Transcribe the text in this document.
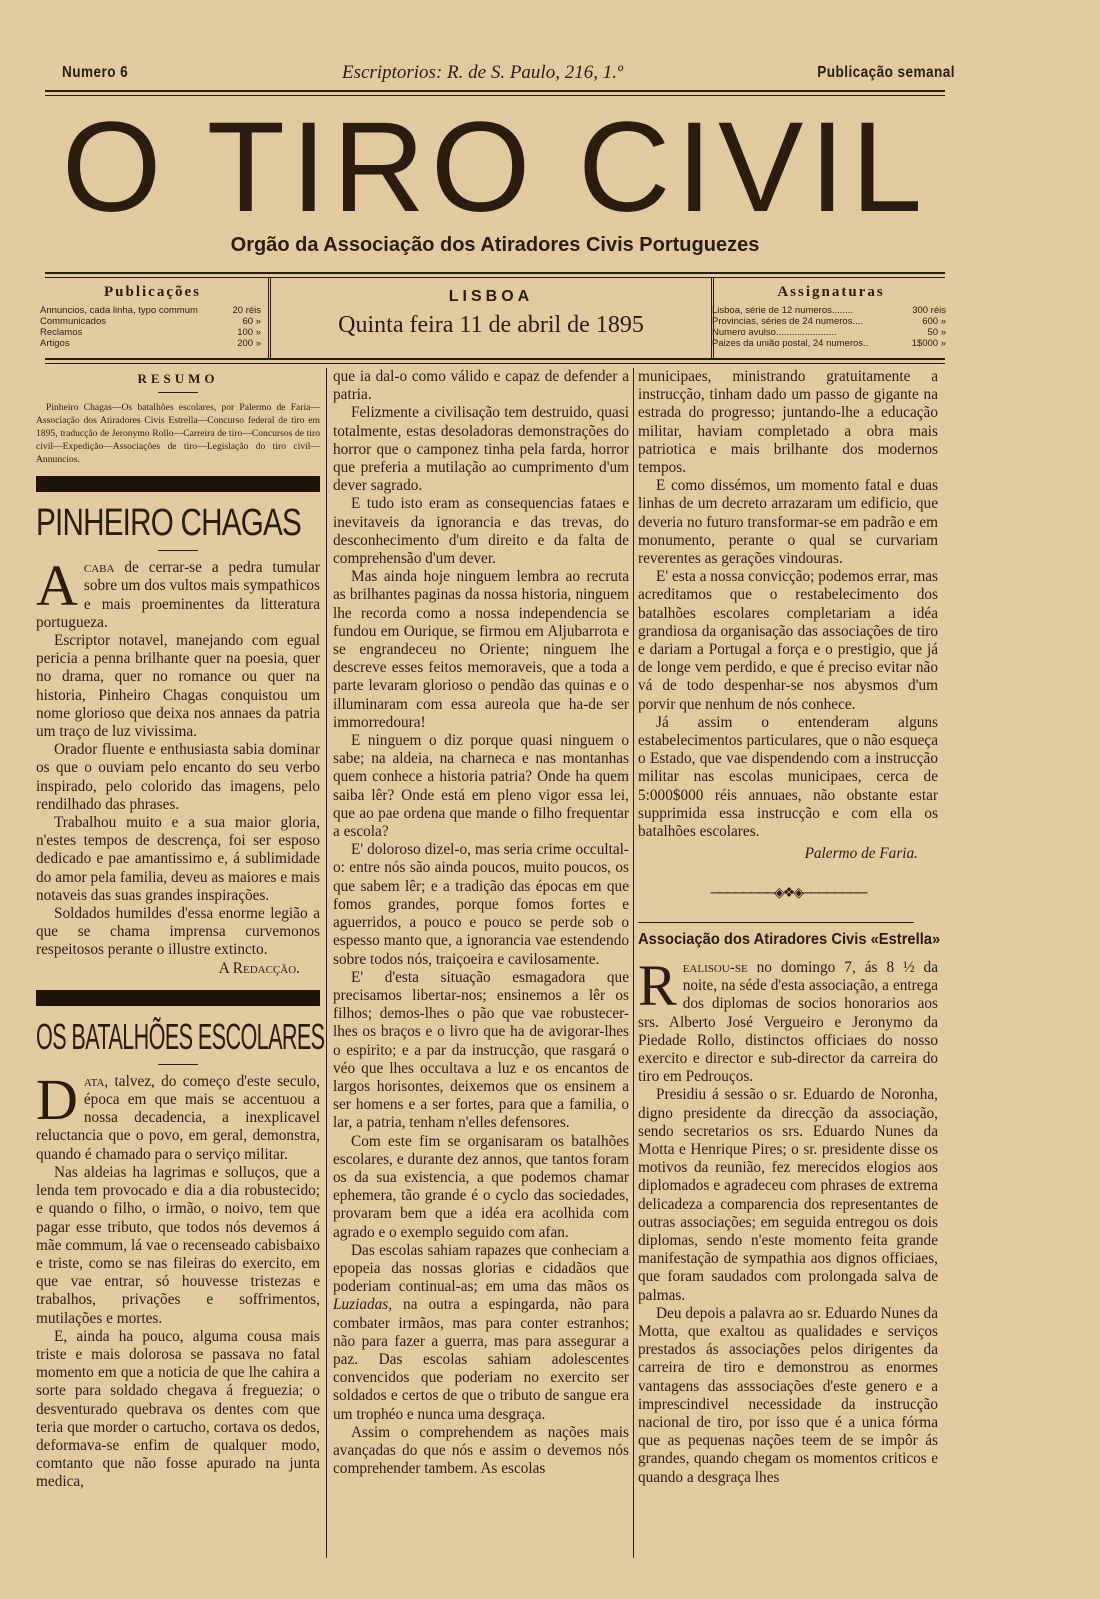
Numero 6	Escriptorios: R. de S. Paulo, 216, 1.º	Publicação semanal
O TIRO CIVIL
Orgão da Associação dos Atiradores Civis Portuguezes
Publicações
Annuncios, cada linha, typo commum	20 réis
Communicados	60 »
Reclamos	100 »
Artigos	200 »
LISBOA
Quinta feira 11 de abril de 1895
Assignaturas
Lisboa, série de 12 numeros........	300 réis
Provincias, séries de 24 numeros....	600 »
Numero avulso.......................	50 »
Paizes da união postal, 24 numeros..	1$000 »
RESUMO
Pinheiro Chagas—Os batalhões escolares, por Palermo de Faria—Associação dos Atiradores Civis Estrella—Concurso federal de tiro em 1895, traducção de Jeronymo Rollo—Carreira de tiro—Concursos de tiro civil—Expedição—Associações de tiro—Legislação do tiro civil—Annuncios.
PINHEIRO CHAGAS

Acaba de cerrar-se a pedra tumular sobre um dos vultos mais sympathicos e mais proeminentes da litteratura portugueza.

Escriptor notavel, manejando com egual pericia a penna brilhante quer na poesia, quer no drama, quer no romance ou quer na historia, Pinheiro Chagas conquistou um nome glorioso que deixa nos annaes da patria um traço de luz vivissima.

Orador fluente e enthusiasta sabia dominar os que o ouviam pelo encanto do seu verbo inspirado, pelo colorido das imagens, pelo rendilhado das phrases.

Trabalhou muito e a sua maior gloria, n'estes tempos de descrença, foi ser esposo dedicado e pae amantissimo e, á sublimidade do amor pela familia, deveu as maiores e mais notaveis das suas grandes inspirações.

Soldados humildes d'essa enorme legião a que se chama imprensa curvemonos respeitosos perante o illustre extincto.

A Redacção.
OS BATALHÕES ESCOLARES

Data, talvez, do começo d'este seculo, época em que mais se accentuou a nossa decadencia, a inexplicavel reluctancia que o povo, em geral, demonstra, quando é chamado para o serviço militar.

Nas aldeias ha lagrimas e solluços, que a lenda tem provocado e dia a dia robustecido; e quando o filho, o irmão, o noivo, tem que pagar esse tributo, que todos nós devemos á mãe commum, lá vae o recenseado cabisbaixo e triste, como se nas fileiras do exercito, em que vae entrar, só houvesse tristezas e trabalhos, privações e soffrimentos, mutilações e mortes.

E, ainda ha pouco, alguma cousa mais triste e mais dolorosa se passava no fatal momento em que a noticia de que lhe cahira a sorte para soldado chegava á freguezia; o desventurado quebrava os dentes com que teria que morder o cartucho, cortava os dedos, deformava-se enfim de qualquer modo, comtanto que não fosse apurado na junta medica,

que ia dal-o como válido e capaz de defender a patria.

Felizmente a civilisação tem destruido, quasi totalmente, estas desoladoras demonstrações do horror que o camponez tinha pela farda, horror que preferia a mutilação ao cumprimento d'um dever sagrado.

E tudo isto eram as consequencias fataes e inevitaveis da ignorancia e das trevas, do desconhecimento d'um direito e da falta de comprehensão d'um dever.

Mas ainda hoje ninguem lembra ao recruta as brilhantes paginas da nossa historia, ninguem lhe recorda como a nossa independencia se fundou em Ourique, se firmou em Aljubarrota e se engrandeceu no Oriente; ninguem lhe descreve esses feitos memoraveis, que a toda a parte levaram glorioso o pendão das quinas e o illuminaram com essa aureola que ha-de ser immorredoura!

E ninguem o diz porque quasi ninguem o sabe; na aldeia, na charneca e nas montanhas quem conhece a historia patria? Onde ha quem saiba lêr? Onde está em pleno vigor essa lei, que ao pae ordena que mande o filho frequentar a escola?

E' doloroso dizel-o, mas seria crime occultal-o: entre nós são ainda poucos, muito poucos, os que sabem lêr; e a tradição das épocas em que fomos grandes, porque fomos fortes e aguerridos, a pouco e pouco se perde sob o espesso manto que, a ignorancia vae estendendo sobre todos nós, traiçoeira e cavilosamente.

E' d'esta situação esmagadora que precisamos libertar-nos; ensinemos a lêr os filhos; demos-lhes o pão que vae robustecer-lhes os braços e o livro que ha de avigorar-lhes o espirito; e a par da instrucção, que rasgará o véo que lhes occultava a luz e os encantos de largos horisontes, deixemos que os ensinem a ser homens e a ser fortes, para que a familia, o lar, a patria, tenham n'elles defensores.

Com este fim se organisaram os batalhões escolares, e durante dez annos, que tantos foram os da sua existencia, a que podemos chamar ephemera, tão grande é o cyclo das sociedades, provaram bem que a idéa era acolhida com agrado e o exemplo seguido com afan.

Das escolas sahiam rapazes que conheciam a epopeia das nossas glorias e cidadãos que poderiam continual-as; em uma das mãos os Luziadas, na outra a espingarda, não para combater irmãos, mas para conter estranhos; não para fazer a guerra, mas para assegurar a paz. Das escolas sahiam adolescentes convencidos que poderiam no exercito ser soldados e certos de que o tributo de sangue era um trophéo e nunca uma desgraça.

Assim o comprehendem as nações mais avançadas do que nós e assim o devemos nós comprehender tambem. As escolas

municipaes, ministrando gratuitamente a instrucção, tinham dado um passo de gigante na estrada do progresso; juntando-lhe a educação militar, haviam completado a obra mais patriotica e mais brilhante dos modernos tempos.

E como dissémos, um momento fatal e duas linhas de um decreto arrazaram um edificio, que deveria no futuro transformar-se em padrão e em monumento, perante o qual se curvariam reverentes as gerações vindouras.

E' esta a nossa convicção; podemos errar, mas acreditamos que o restabelecimento dos batalhões escolares completariam a idéa grandiosa da organisação das associações de tiro e dariam a Portugal a força e o prestigio, que já de longe vem perdido, e que é preciso evitar não vá de todo despenhar-se nos abysmos d'um porvir que nenhum de nós conhece.

Já assim o entenderam alguns estabelecimentos particulares, que o não esqueça o Estado, que vae dispendendo com a instrucção militar nas escolas municipaes, cerca de 5:000$000 réis annuaes, não obstante estar supprimida essa instrucção e com ella os batalhões escolares.

Palermo de Faria.
────────◈❖◈────────
Associação dos Atiradores Civis «Estrella»

Realisou-se no domingo 7, ás 8 ½ da noite, na séde d'esta associação, a entrega dos diplomas de socios honorarios aos srs. Alberto José Vergueiro e Jeronymo da Piedade Rollo, distinctos officiaes do nosso exercito e director e sub-director da carreira do tiro em Pedrouços.

Presidiu á sessão o sr. Eduardo de Noronha, digno presidente da direcção da associação, sendo secretarios os srs. Eduardo Nunes da Motta e Henrique Pires; o sr. presidente disse os motivos da reunião, fez merecidos elogios aos diplomados e agradeceu com phrases de extrema delicadeza a comparencia dos representantes de outras associações; em seguida entregou os dois diplomas, sendo n'este momento feita grande manifestação de sympathia aos dignos officiaes, que foram saudados com prolongada salva de palmas.

Deu depois a palavra ao sr. Eduardo Nunes da Motta, que exaltou as qualidades e serviços prestados ás associações pelos dirigentes da carreira de tiro e demonstrou as enormes vantagens das asssociações d'este genero e a imprescindivel necessidade da instrucção nacional de tiro, por isso que é a unica fórma que as pequenas nações teem de se impôr ás grandes, quando chegam os momentos criticos e quando a desgraça lhes
